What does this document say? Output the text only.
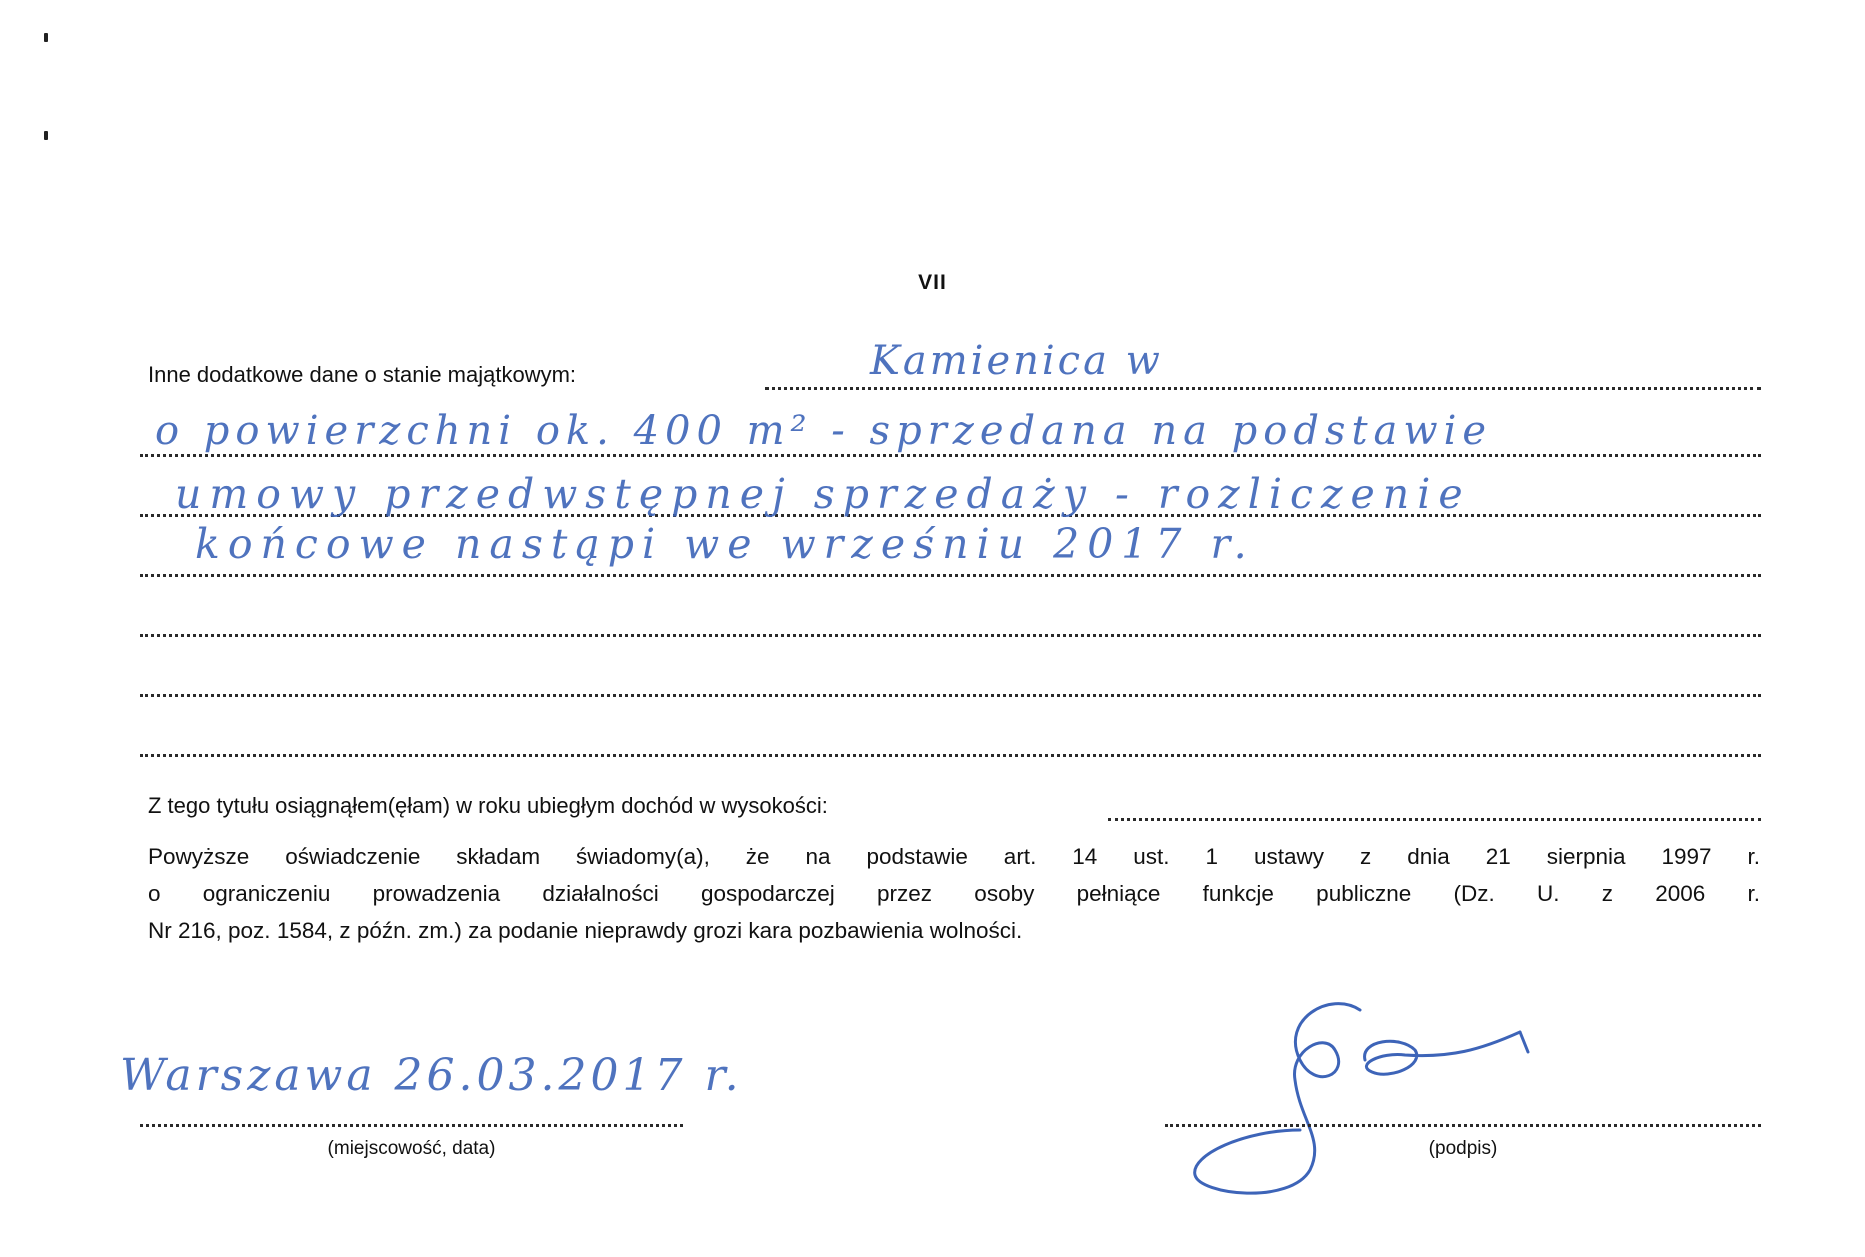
VII
Inne dodatkowe dane o stanie majątkowym:	Kamienica w
o powierzchni ok. 400 m² - sprzedana na podstawie
umowy przedwstępnej sprzedaży - rozliczenie
końcowe nastąpi we wrześniu 2017 r.
Z tego tytułu osiągnąłem(ęłam) w roku ubiegłym dochód w wysokości:
Powyższe oświadczenie składam świadomy(a), że na podstawie art. 14 ust. 1 ustawy z dnia 21 sierpnia 1997 r.
o ograniczeniu prowadzenia działalności gospodarczej przez osoby pełniące funkcje publiczne (Dz. U. z 2006 r.
Nr 216, poz. 1584, z późn. zm.) za podanie nieprawdy grozi kara pozbawienia wolności.
Warszawa 26.03.2017 r.
(miejscowość, data)	(podpis)
